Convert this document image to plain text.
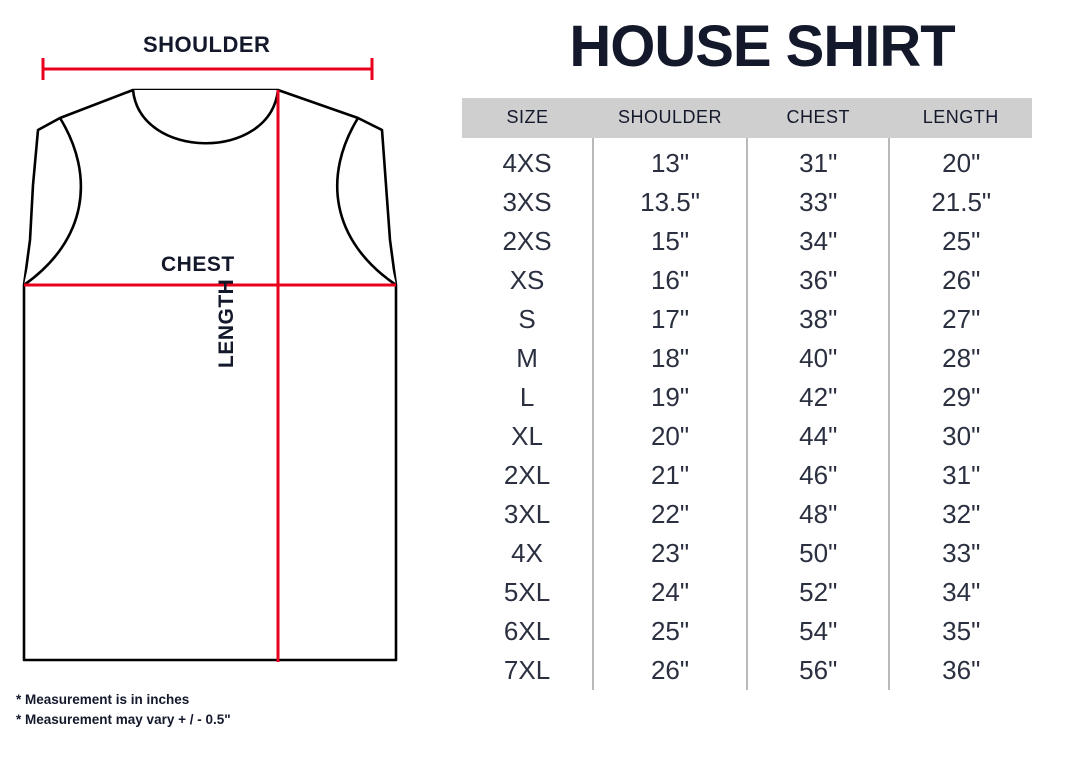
SHOULDER
CHEST
LENGTH
* Measurement is in inches
* Measurement may vary + / - 0.5"
HOUSE SHIRT
SIZE	SHOULDER	CHEST	LENGTH
4XS	13"	31"	20"
3XS	13.5"	33"	21.5"
2XS	15"	34"	25"
XS	16"	36"	26"
S	17"	38"	27"
M	18"	40"	28"
L	19"	42"	29"
XL	20"	44"	30"
2XL	21"	46"	31"
3XL	22"	48"	32"
4X	23"	50"	33"
5XL	24"	52"	34"
6XL	25"	54"	35"
7XL	26"	56"	36"
